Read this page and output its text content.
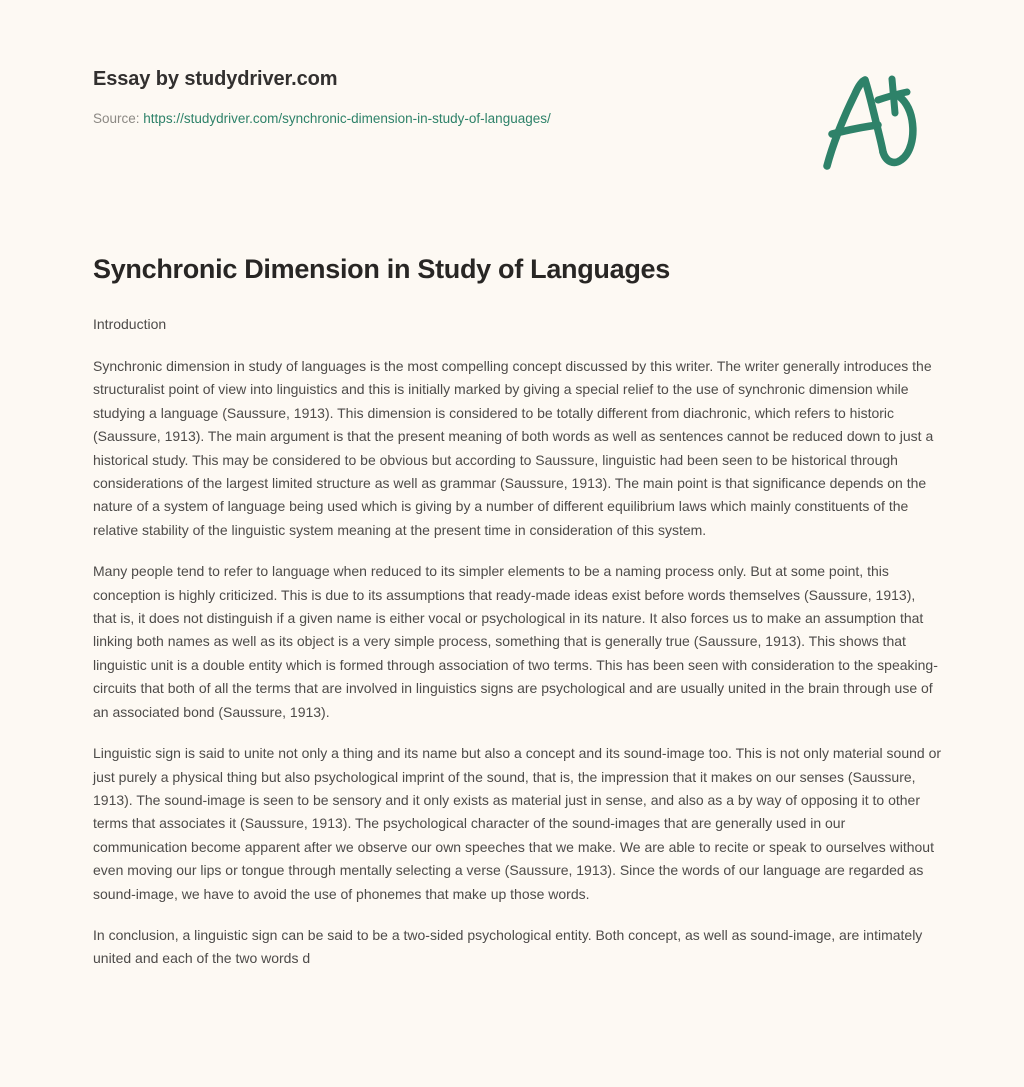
Essay by studydriver.com
Source: https://studydriver.com/synchronic-dimension-in-study-of-languages/
Synchronic Dimension in Study of Languages

Introduction

Synchronic dimension in study of languages is the most compelling concept discussed by this writer. The writer generally introduces the structuralist point of view into linguistics and this is initially marked by giving a special relief to the use of synchronic dimension while studying a language (Saussure, 1913). This dimension is considered to be totally different from diachronic, which refers to historic (Saussure, 1913). The main argument is that the present meaning of both words as well as sentences cannot be reduced down to just a historical study. This may be considered to be obvious but according to Saussure, linguistic had been seen to be historical through considerations of the largest limited structure as well as grammar (Saussure, 1913). The main point is that significance depends on the nature of a system of language being used which is giving by a number of different equilibrium laws which mainly constituents of the relative stability of the linguistic system meaning at the present time in consideration of this system.

Many people tend to refer to language when reduced to its simpler elements to be a naming process only. But at some point, this conception is highly criticized. This is due to its assumptions that ready-made ideas exist before words themselves (Saussure, 1913), that is, it does not distinguish if a given name is either vocal or psychological in its nature. It also forces us to make an assumption that linking both names as well as its object is a very simple process, something that is generally true (Saussure, 1913). This shows that linguistic unit is a double entity which is formed through association of two terms. This has been seen with consideration to the speaking-circuits that both of all the terms that are involved in linguistics signs are psychological and are usually united in the brain through use of an associated bond (Saussure, 1913).

Linguistic sign is said to unite not only a thing and its name but also a concept and its sound-image too. This is not only material sound or just purely a physical thing but also psychological imprint of the sound, that is, the impression that it makes on our senses (Saussure, 1913). The sound-image is seen to be sensory and it only exists as material just in sense, and also as a by way of opposing it to other terms that associates it (Saussure, 1913). The psychological character of the sound-images that are generally used in our communication become apparent after we observe our own speeches that we make. We are able to recite or speak to ourselves without even moving our lips or tongue through mentally selecting a verse (Saussure, 1913). Since the words of our language are regarded as sound-image, we have to avoid the use of phonemes that make up those words.

In conclusion, a linguistic sign can be said to be a two-sided psychological entity. Both concept, as well as sound-image, are intimately united and each of the two words d
